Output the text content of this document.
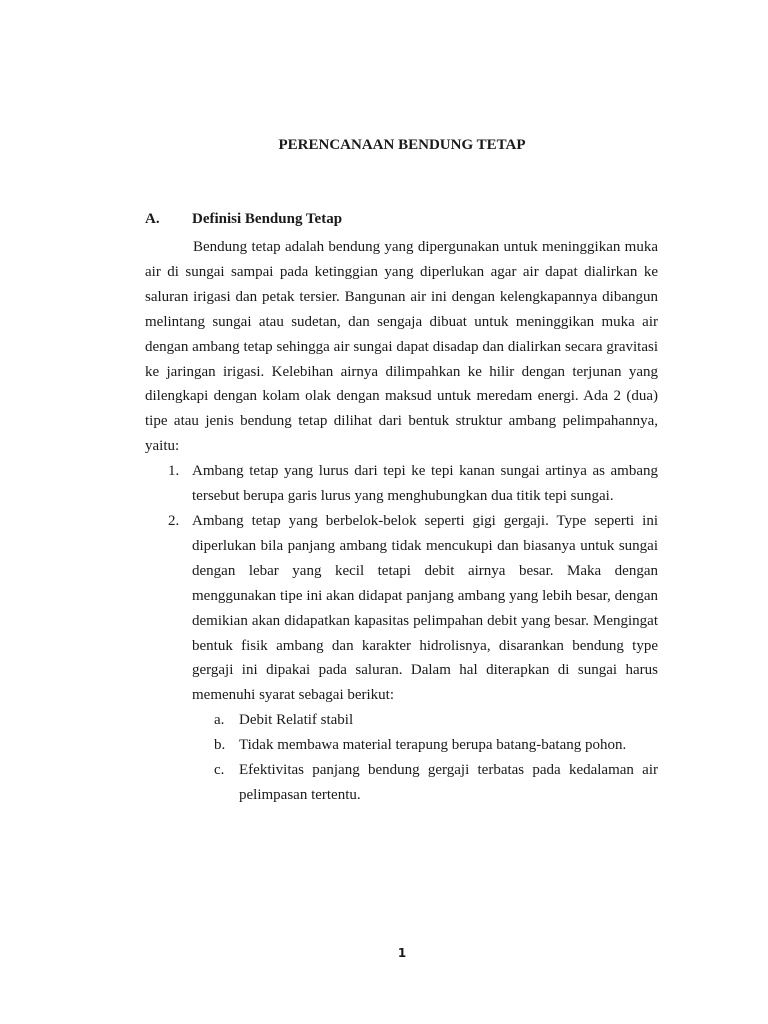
PERENCANAAN BENDUNG TETAP
A. Definisi Bendung Tetap

Bendung tetap adalah bendung yang dipergunakan untuk meninggikan muka air di sungai sampai pada ketinggian yang diperlukan agar air dapat dialirkan ke saluran irigasi dan petak tersier. Bangunan air ini dengan kelengkapannya dibangun melintang sungai atau sudetan, dan sengaja dibuat untuk meninggikan muka air dengan ambang tetap sehingga air sungai dapat disadap dan dialirkan secara gravitasi ke jaringan irigasi. Kelebihan airnya dilimpahkan ke hilir dengan terjunan yang dilengkapi dengan kolam olak dengan maksud untuk meredam energi. Ada 2 (dua) tipe atau jenis bendung tetap dilihat dari bentuk struktur ambang pelimpahannya, yaitu:

1. Ambang tetap yang lurus dari tepi ke tepi kanan sungai artinya as ambang tersebut berupa garis lurus yang menghubungkan dua titik tepi sungai.
2. Ambang tetap yang berbelok-belok seperti gigi gergaji. Type seperti ini diperlukan bila panjang ambang tidak mencukupi dan biasanya untuk sungai dengan lebar yang kecil tetapi debit airnya besar. Maka dengan menggunakan tipe ini akan didapat panjang ambang yang lebih besar, dengan demikian akan didapatkan kapasitas pelimpahan debit yang besar. Mengingat bentuk fisik ambang dan karakter hidrolisnya, disarankan bendung type gergaji ini dipakai pada saluran. Dalam hal diterapkan di sungai harus memenuhi syarat sebagai berikut:
a. Debit Relatif stabil
b. Tidak membawa material terapung berupa batang-batang pohon.
c. Efektivitas panjang bendung gergaji terbatas pada kedalaman air pelimpasan tertentu.
1
